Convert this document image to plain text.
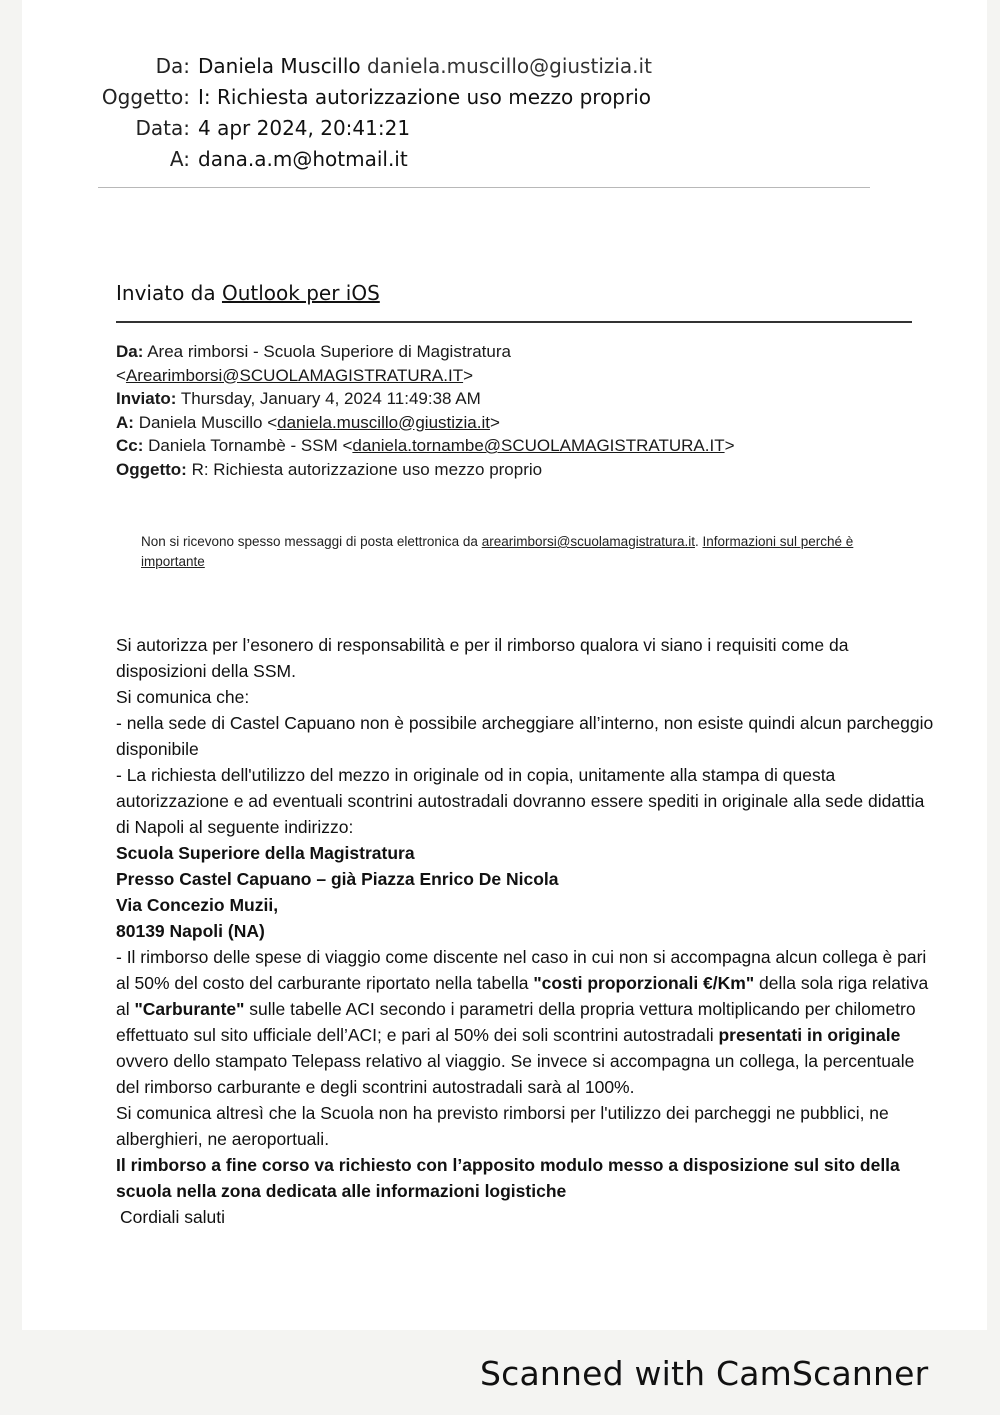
Da: Daniela Muscillo daniela.muscillo@giustizia.it
Oggetto: I: Richiesta autorizzazione uso mezzo proprio
Data: 4 apr 2024, 20:41:21
A: dana.a.m@hotmail.it
Inviato da Outlook per iOS
Da: Area rimborsi - Scuola Superiore di Magistratura
<Arearimborsi@SCUOLAMAGISTRATURA.IT>
Inviato: Thursday, January 4, 2024 11:49:38 AM
A: Daniela Muscillo <daniela.muscillo@giustizia.it>
Cc: Daniela Tornambè - SSM <daniela.tornambe@SCUOLAMAGISTRATURA.IT>
Oggetto: R: Richiesta autorizzazione uso mezzo proprio
Non si ricevono spesso messaggi di posta elettronica da arearimborsi@scuolamagistratura.it. Informazioni sul perché è importante

Si autorizza per l’esonero di responsabilità e per il rimborso qualora vi siano i requisiti come da disposizioni della SSM.

Si comunica che:

- nella sede di Castel Capuano non è possibile archeggiare all’interno, non esiste quindi alcun parcheggio disponibile

- La richiesta dell'utilizzo del mezzo in originale od in copia, unitamente alla stampa di questa autorizzazione e ad eventuali scontrini autostradali dovranno essere spediti in originale alla sede didattia di Napoli al seguente indirizzo:

Scuola Superiore della Magistratura

Presso Castel Capuano – già Piazza Enrico De Nicola

Via Concezio Muzii,

80139 Napoli (NA)

- Il rimborso delle spese di viaggio come discente nel caso in cui non si accompagna alcun collega è pari al 50% del costo del carburante riportato nella tabella "costi proporzionali €/Km" della sola riga relativa al "Carburante" sulle tabelle ACI secondo i parametri della propria vettura moltiplicando per chilometro effettuato sul sito ufficiale dell’ACI; e pari al 50% dei soli scontrini autostradali presentati in originale ovvero dello stampato Telepass relativo al viaggio. Se invece si accompagna un collega, la percentuale del rimborso carburante e degli scontrini autostradali sarà al 100%.

Si comunica altresì che la Scuola non ha previsto rimborsi per l'utilizzo dei parcheggi ne pubblici, ne alberghieri, ne aeroportuali.

Il rimborso a fine corso va richiesto con l’apposito modulo messo a disposizione sul sito della scuola nella zona dedicata alle informazioni logistiche

Cordiali saluti

Scanned with CamScanner
